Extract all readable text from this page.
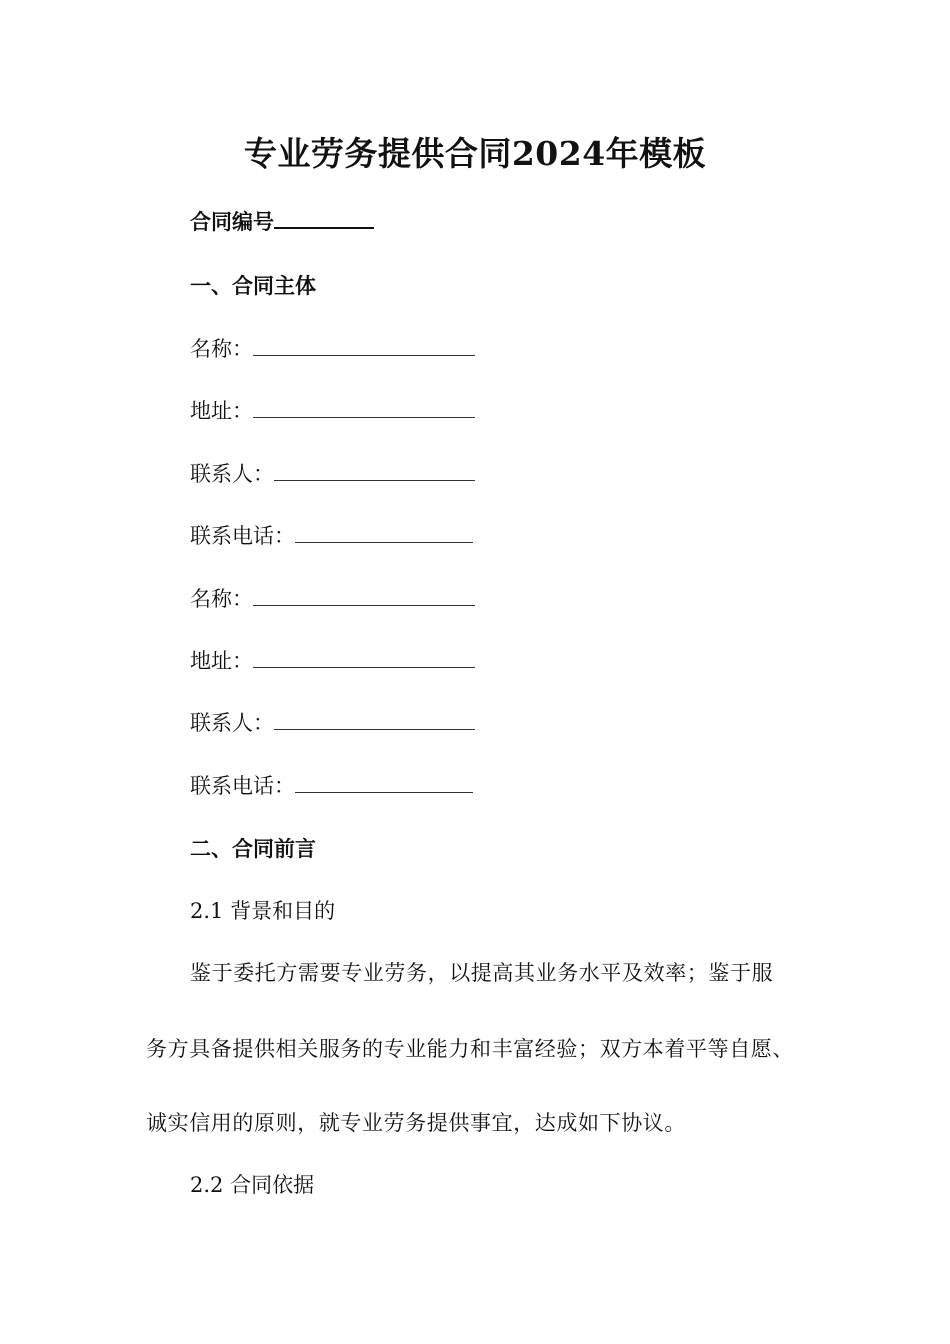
专业劳务提供合同2024年模板
合同编号
一、合同主体
名称：
地址：
联系人：
联系电话：
名称：
地址：
联系人：
联系电话：
二、合同前言
2.1 背景和目的
鉴于委托方需要专业劳务，以提高其业务水平及效率；鉴于服
务方具备提供相关服务的专业能力和丰富经验；双方本着平等自愿、
诚实信用的原则，就专业劳务提供事宜，达成如下协议。
2.2 合同依据
